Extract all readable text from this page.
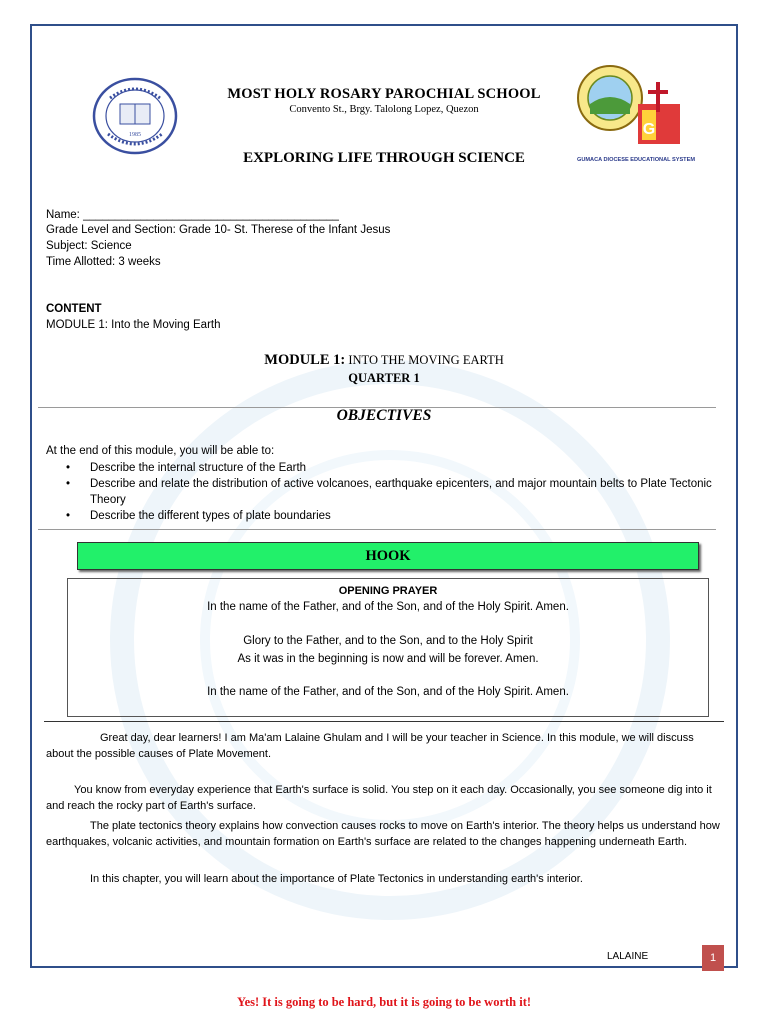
1985	G
GUMACA DIOCESE EDUCATIONAL SYSTEM
MOST HOLY ROSARY PAROCHIAL SCHOOL
Convento St., Brgy. Talolong Lopez, Quezon
EXPLORING LIFE THROUGH SCIENCE
Name: ________________________________________
Grade Level and Section: Grade 10- St. Therese of the Infant Jesus
Subject: Science
Time Allotted: 3 weeks
CONTENT
MODULE 1: Into the Moving Earth
MODULE 1: INTO THE MOVING EARTH
QUARTER 1
OBJECTIVES
At the end of this module, you will be able to:
• Describe the internal structure of the Earth
• Describe and relate the distribution of active volcanoes, earthquake epicenters, and major mountain belts to Plate Tectonic Theory
• Describe the different types of plate boundaries
HOOK
OPENING PRAYER
In the name of the Father, and of the Son, and of the Holy Spirit. Amen.
Glory to the Father, and to the Son, and to the Holy Spirit
As it was in the beginning is now and will be forever. Amen.
In the name of the Father, and of the Son, and of the Holy Spirit. Amen.
Great day, dear learners! I am Ma'am Lalaine Ghulam and I will be your teacher in Science. In this module, we will discuss about the possible causes of Plate Movement.
You know from everyday experience that Earth's surface is solid. You step on it each day. Occasionally, you see someone dig into it and reach the rocky part of Earth's surface.
The plate tectonics theory explains how convection causes rocks to move on Earth's interior. The theory helps us understand how earthquakes, volcanic activities, and mountain formation on Earth's surface are related to the changes happening underneath Earth.
In this chapter, you will learn about the importance of Plate Tectonics in understanding earth's interior.
LALAINE	1
Yes! It is going to be hard, but it is going to be worth it!
